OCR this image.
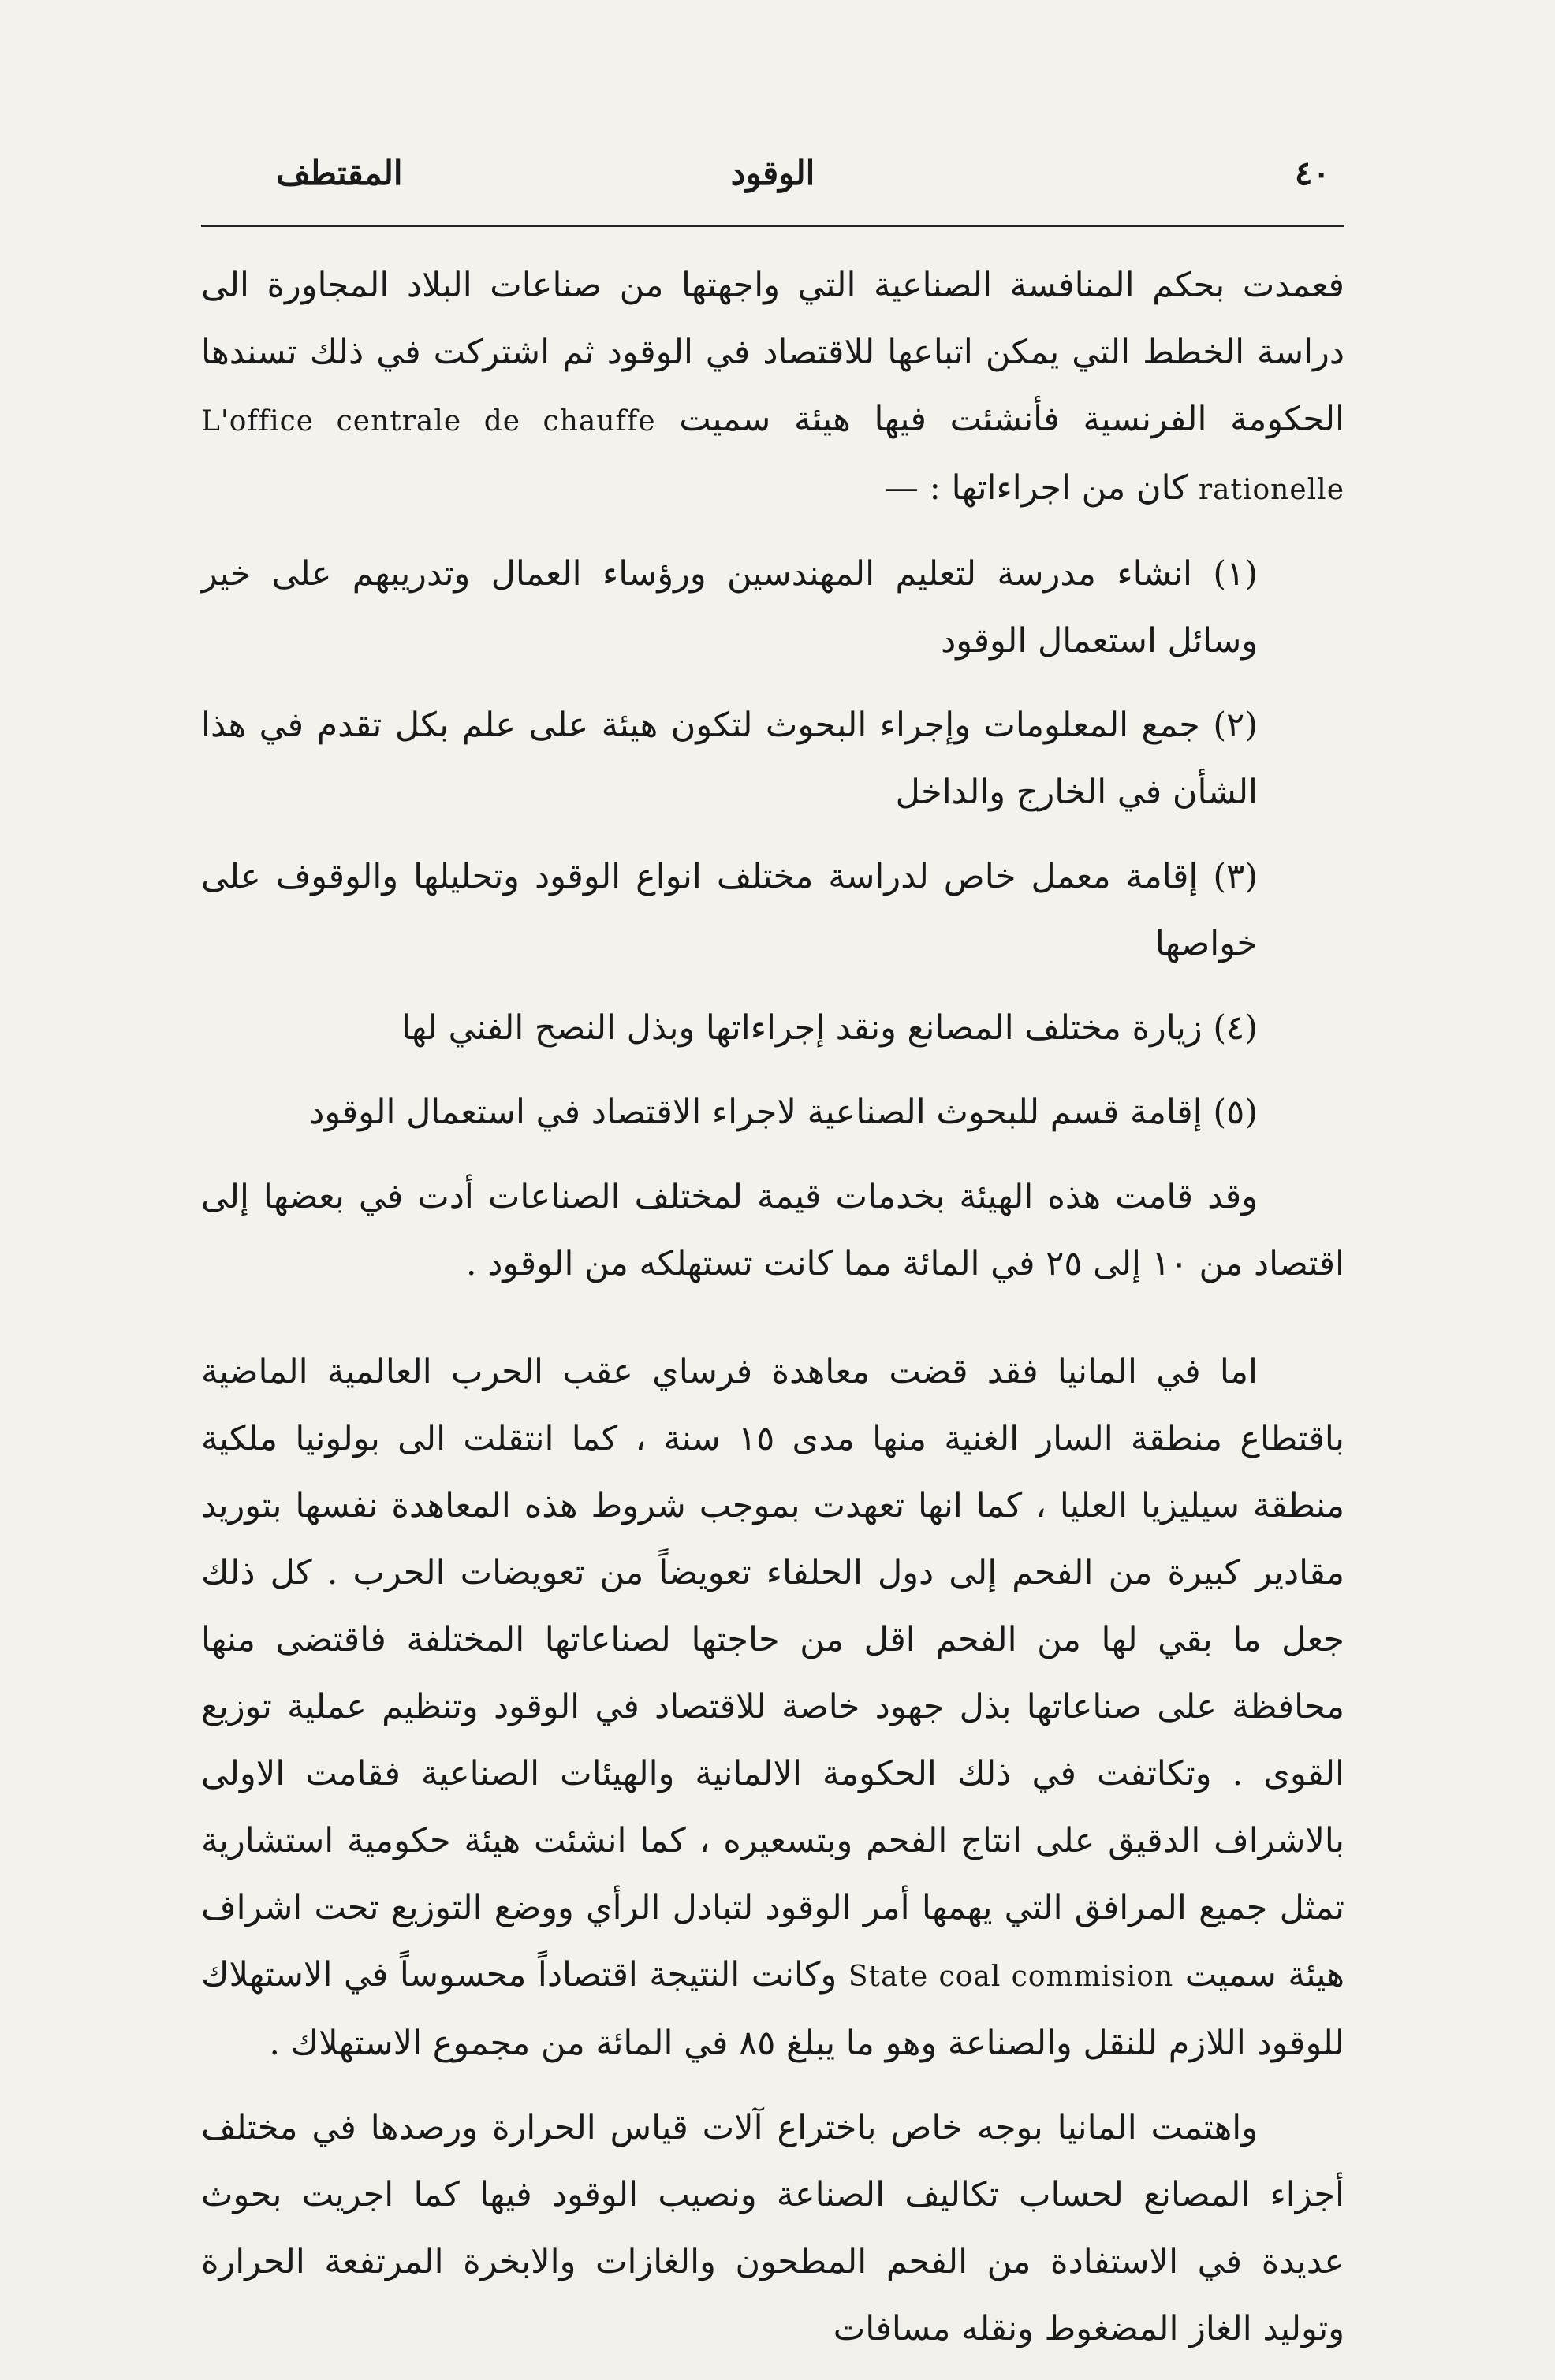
٤٠
الوقود
المقتطف

فعمدت بحكم المنافسة الصناعية التي واجهتها من صناعات البلاد المجاورة الى دراسة الخطط التي يمكن اتباعها للاقتصاد في الوقود ثم اشتركت في ذلك تسندها الحكومة الفرنسية فأنشئت فيها هيئة سميت L'office centrale de chauffe rationelle كان من اجراءاتها : —

(١) انشاء مدرسة لتعليم المهندسين ورؤساء العمال وتدريبهم على خير وسائل استعمال الوقود

(٢) جمع المعلومات وإجراء البحوث لتكون هيئة على علم بكل تقدم في هذا الشأن في الخارج والداخل

(٣) إقامة معمل خاص لدراسة مختلف انواع الوقود وتحليلها والوقوف على خواصها

(٤) زيارة مختلف المصانع ونقد إجراءاتها وبذل النصح الفني لها

(٥) إقامة قسم للبحوث الصناعية لاجراء الاقتصاد في استعمال الوقود

وقد قامت هذه الهيئة بخدمات قيمة لمختلف الصناعات أدت في بعضها إلى اقتصاد من ١٠ إلى ٢٥ في المائة مما كانت تستهلكه من الوقود .

اما في المانيا فقد قضت معاهدة فرساي عقب الحرب العالمية الماضية باقتطاع منطقة السار الغنية منها مدى ١٥ سنة ، كما انتقلت الى بولونيا ملكية منطقة سيليزيا العليا ، كما انها تعهدت بموجب شروط هذه المعاهدة نفسها بتوريد مقادير كبيرة من الفحم إلى دول الحلفاء تعويضاً من تعويضات الحرب . كل ذلك جعل ما بقي لها من الفحم اقل من حاجتها لصناعاتها المختلفة فاقتضى منها محافظة على صناعاتها بذل جهود خاصة للاقتصاد في الوقود وتنظيم عملية توزيع القوى . وتكاتفت في ذلك الحكومة الالمانية والهيئات الصناعية فقامت الاولى بالاشراف الدقيق على انتاج الفحم وبتسعيره ، كما انشئت هيئة حكومية استشارية تمثل جميع المرافق التي يهمها أمر الوقود لتبادل الرأي ووضع التوزيع تحت اشراف هيئة سميت State coal commision وكانت النتيجة اقتصاداً محسوساً في الاستهلاك للوقود اللازم للنقل والصناعة وهو ما يبلغ ٨٥ في المائة من مجموع الاستهلاك .

واهتمت المانيا بوجه خاص باختراع آلات قياس الحرارة ورصدها في مختلف أجزاء المصانع لحساب تكاليف الصناعة ونصيب الوقود فيها كما اجريت بحوث عديدة في الاستفادة من الفحم المطحون والغازات والابخرة المرتفعة الحرارة وتوليد الغاز المضغوط ونقله مسافات
